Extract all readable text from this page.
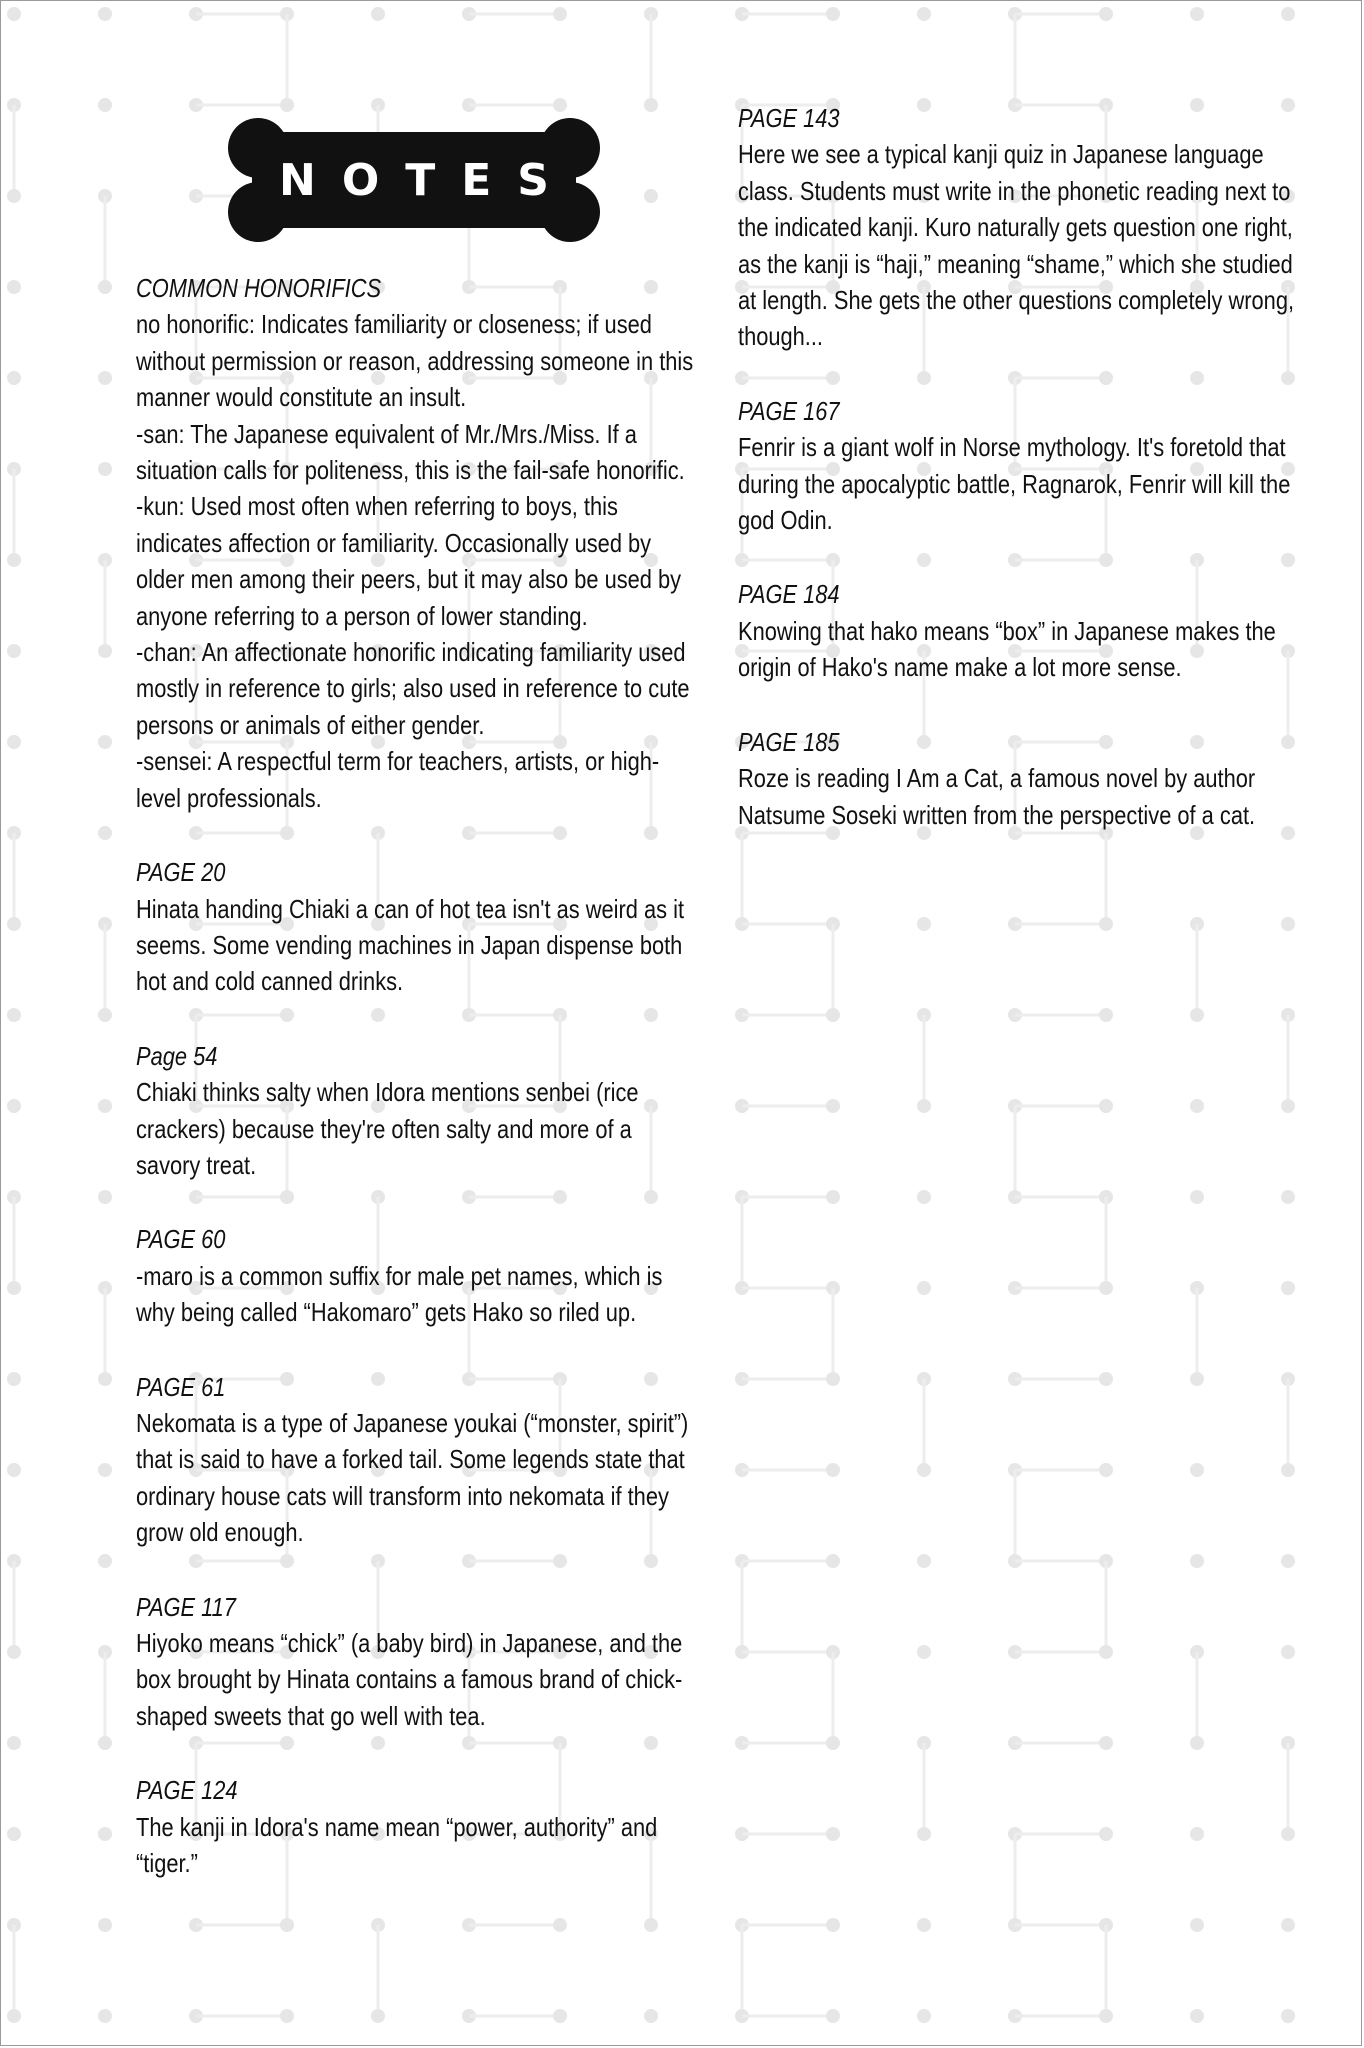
NOTES
COMMON HONORIFICS

no honorific: Indicates familiarity or closeness; if used without permission or reason, addressing someone in this manner would constitute an insult.

-san: The Japanese equivalent of Mr./Mrs./Miss. If a situation calls for politeness, this is the fail-safe honorific.

-kun: Used most often when referring to boys, this indicates affection or familiarity. Occasionally used by older men among their peers, but it may also be used by anyone referring to a person of lower standing.

-chan: An affectionate honorific indicating familiarity used mostly in reference to girls; also used in reference to cute persons or animals of either gender.

-sensei: A respectful term for teachers, artists, or high-level professionals.

PAGE 20
Hinata handing Chiaki a can of hot tea isn't as weird as it seems. Some vending machines in Japan dispense both hot and cold canned drinks.
Page 54
Chiaki thinks salty when Idora mentions senbei (rice crackers) because they're often salty and more of a savory treat.
PAGE 60
-maro is a common suffix for male pet names, which is why being called “Hakomaro” gets Hako so riled up.
PAGE 61
Nekomata is a type of Japanese youkai (“monster, spirit”) that is said to have a forked tail. Some legends state that ordinary house cats will transform into nekomata if they grow old enough.
PAGE 117
Hiyoko means “chick” (a baby bird) in Japanese, and the box brought by Hinata contains a famous brand of chick-shaped sweets that go well with tea.
PAGE 124
The kanji in Idora's name mean “power, authority” and “tiger.”
PAGE 143
Here we see a typical kanji quiz in Japanese language class. Students must write in the phonetic reading next to the indicated kanji. Kuro naturally gets question one right, as the kanji is “haji,” meaning “shame,” which she studied at length. She gets the other questions completely wrong, though...
PAGE 167
Fenrir is a giant wolf in Norse mythology. It's foretold that during the apocalyptic battle, Ragnarok, Fenrir will kill the god Odin.
PAGE 184
Knowing that hako means “box” in Japanese makes the origin of Hako's name make a lot more sense.
PAGE 185
Roze is reading I Am a Cat, a famous novel by author Natsume Soseki written from the perspective of a cat.
